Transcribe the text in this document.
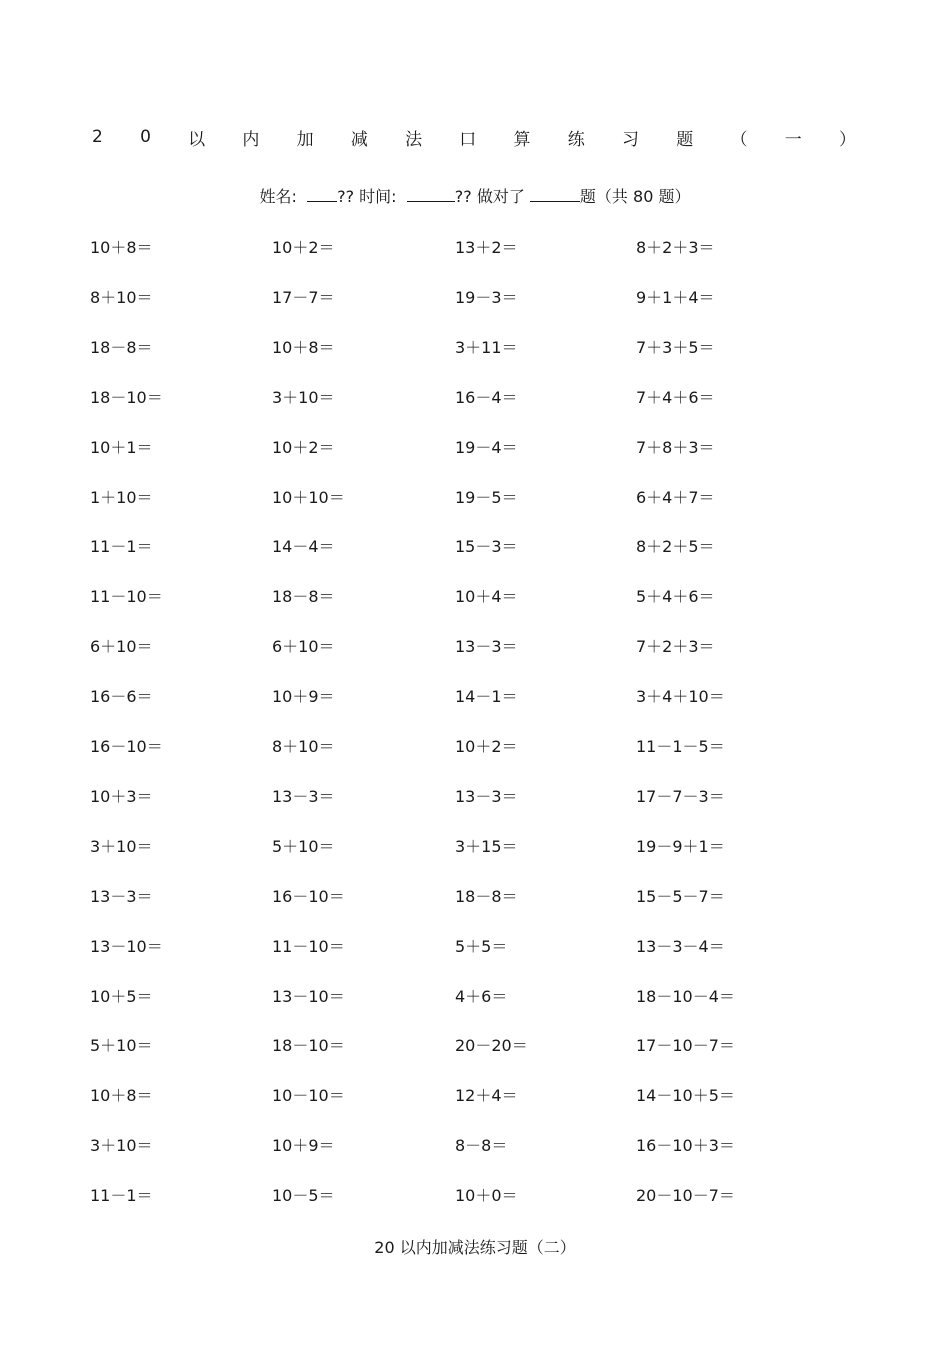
2 0 以 内 加 减 法 口 算 练 习 题 （ 一 ）
姓名:	?? 时间:	?? 做对了	题（共 80 题）
10＋8＝	10＋2＝	13＋2＝	8＋2＋3＝
8＋10＝	17－7＝	19－3＝	9＋1＋4＝
18－8＝	10＋8＝	3＋11＝	7＋3＋5＝
18－10＝	3＋10＝	16－4＝	7＋4＋6＝
10＋1＝	10＋2＝	19－4＝	7＋8＋3＝
1＋10＝	10＋10＝	19－5＝	6＋4＋7＝
11－1＝	14－4＝	15－3＝	8＋2＋5＝
11－10＝	18－8＝	10＋4＝	5＋4＋6＝
6＋10＝	6＋10＝	13－3＝	7＋2＋3＝
16－6＝	10＋9＝	14－1＝	3＋4＋10＝
16－10＝	8＋10＝	10＋2＝	11－1－5＝
10＋3＝	13－3＝	13－3＝	17－7－3＝
3＋10＝	5＋10＝	3＋15＝	19－9＋1＝
13－3＝	16－10＝	18－8＝	15－5－7＝
13－10＝	11－10＝	5＋5＝	13－3－4＝
10＋5＝	13－10＝	4＋6＝	18－10－4＝
5＋10＝	18－10＝	20－20＝	17－10－7＝
10＋8＝	10－10＝	12＋4＝	14－10＋5＝
3＋10＝	10＋9＝	8－8＝	16－10＋3＝
11－1＝	10－5＝	10＋0＝	20－10－7＝
20 以内加减法练习题（二）
